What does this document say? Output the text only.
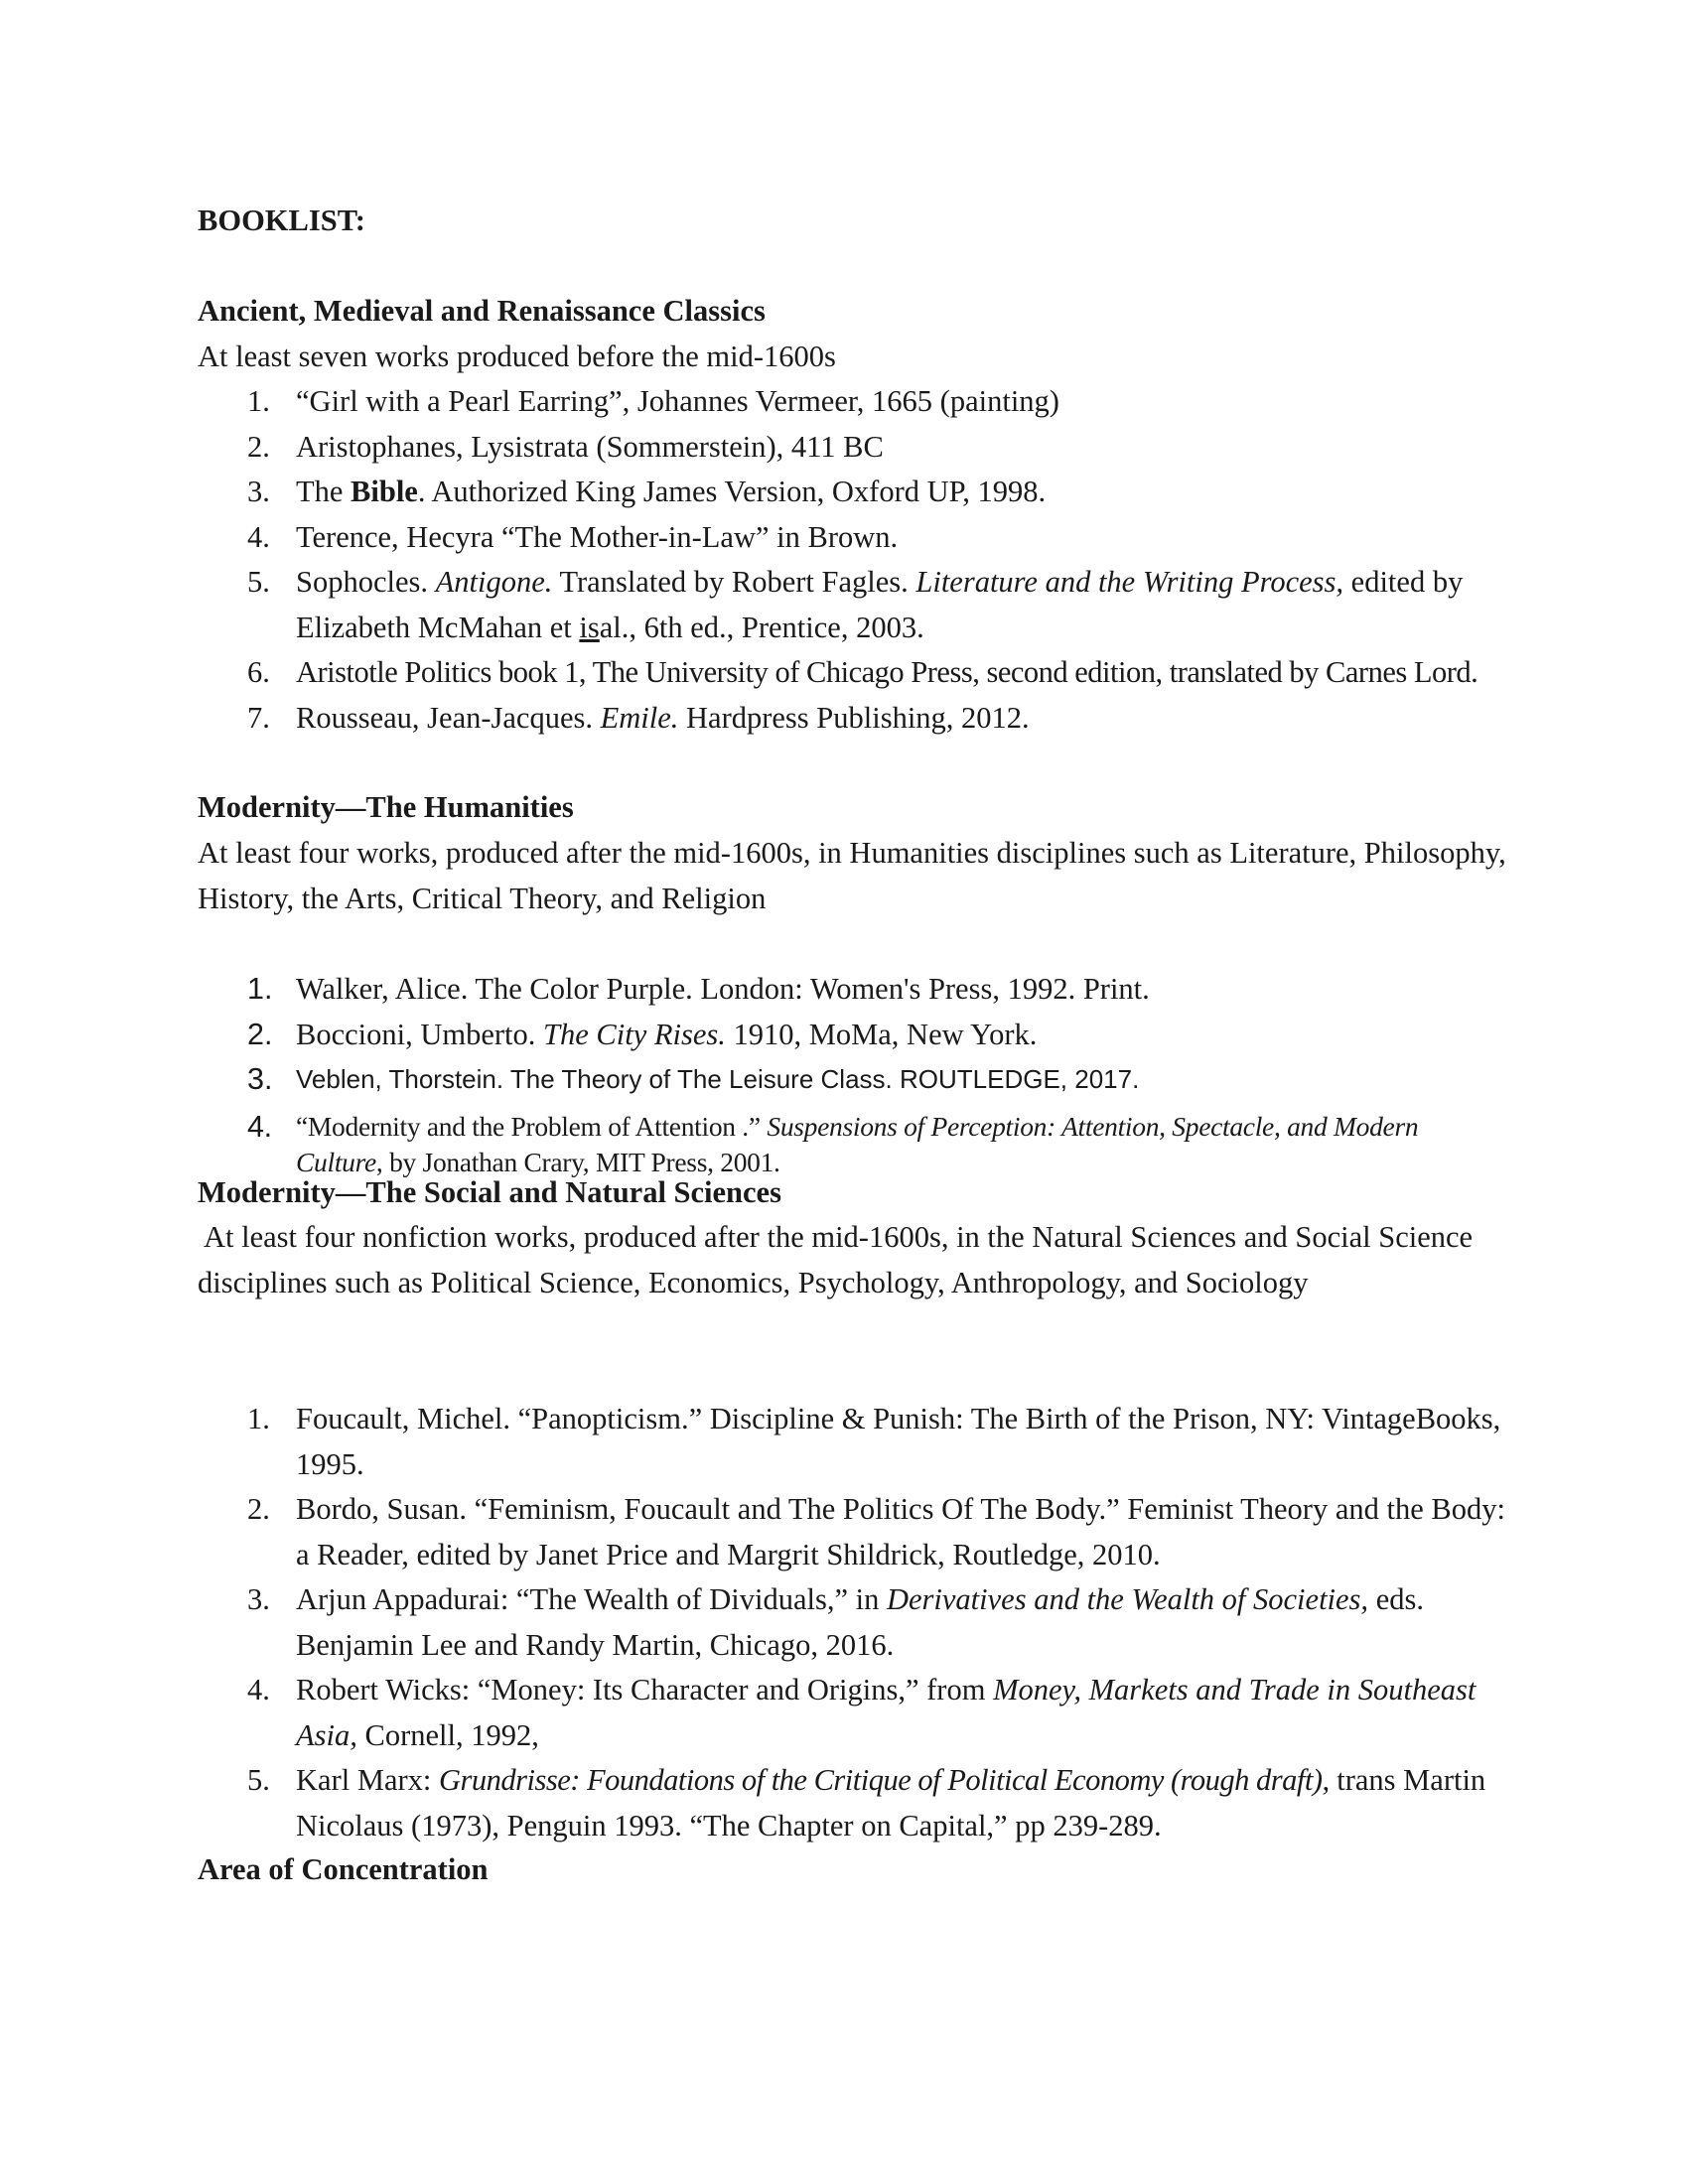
BOOKLIST:
Ancient, Medieval and Renaissance Classics
At least seven works produced before the mid-1600s
1. “Girl with a Pearl Earring”, Johannes Vermeer, 1665 (painting)
2. Aristophanes, Lysistrata (Sommerstein), 411 BC
3. The Bible. Authorized King James Version, Oxford UP, 1998.
4. Terence, Hecyra “The Mother-in-Law” in Brown.
5. Sophocles. Antigone. Translated by Robert Fagles. Literature and the Writing Process, edited by Elizabeth McMahan et isal., 6th ed., Prentice, 2003.
6. Aristotle Politics book 1, The University of Chicago Press, second edition, translated by Carnes Lord.
7. Rousseau, Jean-Jacques. Emile. Hardpress Publishing, 2012.
Modernity—The Humanities
At least four works, produced after the mid-1600s, in Humanities disciplines such as Literature, Philosophy, History, the Arts, Critical Theory, and Religion
1. Walker, Alice. The Color Purple. London: Women's Press, 1992. Print.
2. Boccioni, Umberto. The City Rises. 1910, MoMa, New York.
3. Veblen, Thorstein. The Theory of The Leisure Class. ROUTLEDGE, 2017.
4. “Modernity and the Problem of Attention .” Suspensions of Perception: Attention, Spectacle, and Modern Culture, by Jonathan Crary, MIT Press, 2001.
Modernity—The Social and Natural Sciences
At least four nonfiction works, produced after the mid-1600s, in the Natural Sciences and Social Science disciplines such as Political Science, Economics, Psychology, Anthropology, and Sociology
1. Foucault, Michel. “Panopticism.” Discipline & Punish: The Birth of the Prison, NY: VintageBooks, 1995.
2. Bordo, Susan. “Feminism, Foucault and The Politics Of The Body.” Feminist Theory and the Body: a Reader, edited by Janet Price and Margrit Shildrick, Routledge, 2010.
3. Arjun Appadurai: “The Wealth of Dividuals,” in Derivatives and the Wealth of Societies, eds. Benjamin Lee and Randy Martin, Chicago, 2016.
4. Robert Wicks: “Money: Its Character and Origins,” from Money, Markets and Trade in Southeast Asia, Cornell, 1992,
5. Karl Marx: Grundrisse: Foundations of the Critique of Political Economy (rough draft), trans Martin Nicolaus (1973), Penguin 1993. “The Chapter on Capital,” pp 239-289.
Area of Concentration
